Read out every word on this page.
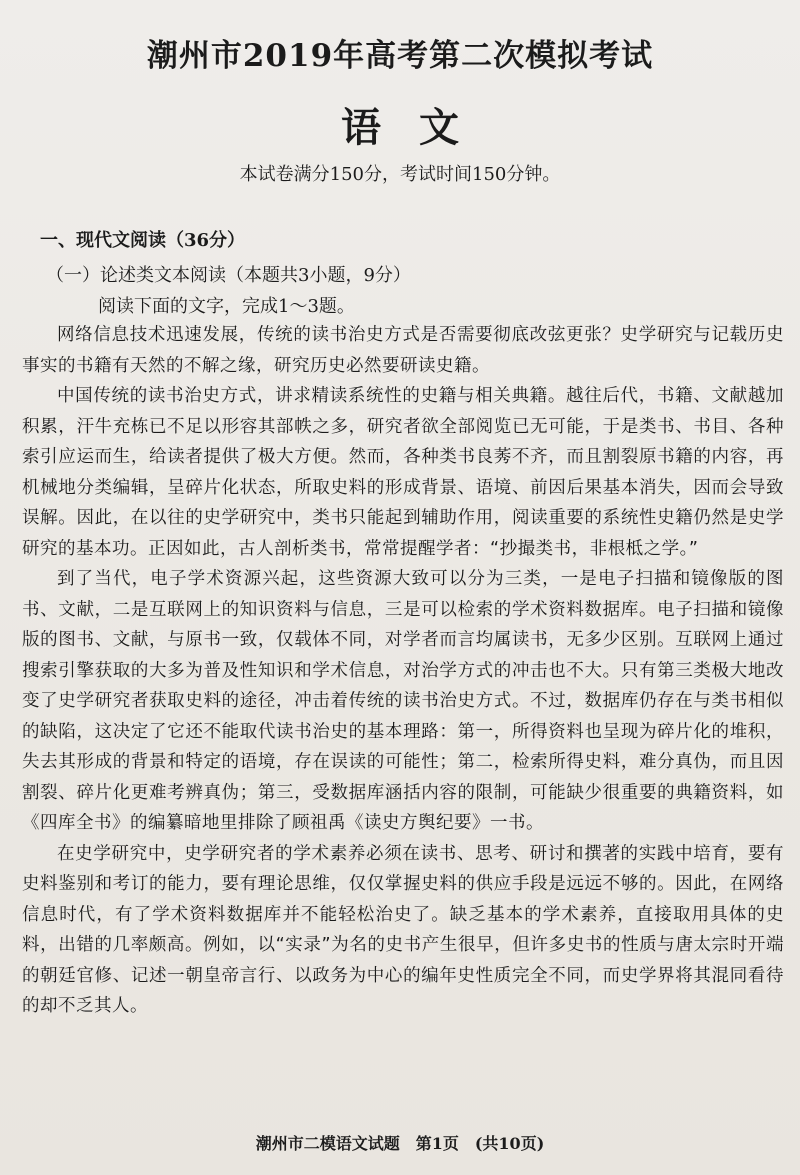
潮州市2019年高考第二次模拟考试
语文
本试卷满分150分，考试时间150分钟。
一、现代文阅读（36分）
（一）论述类文本阅读（本题共3小题，9分）
阅读下面的文字，完成1～3题。

网络信息技术迅速发展，传统的读书治史方式是否需要彻底改弦更张？史学研究与记载历史事实的书籍有天然的不解之缘，研究历史必然要研读史籍。

中国传统的读书治史方式，讲求精读系统性的史籍与相关典籍。越往后代，书籍、文献越加积累，汗牛充栋已不足以形容其部帙之多，研究者欲全部阅览已无可能，于是类书、书目、各种索引应运而生，给读者提供了极大方便。然而，各种类书良莠不齐，而且割裂原书籍的内容，再机械地分类编辑，呈碎片化状态，所取史料的形成背景、语境、前因后果基本消失，因而会导致误解。因此，在以往的史学研究中，类书只能起到辅助作用，阅读重要的系统性史籍仍然是史学研究的基本功。正因如此，古人剖析类书，常常提醒学者：“抄撮类书，非根柢之学。”

到了当代，电子学术资源兴起，这些资源大致可以分为三类，一是电子扫描和镜像版的图书、文献，二是互联网上的知识资料与信息，三是可以检索的学术资料数据库。电子扫描和镜像版的图书、文献，与原书一致，仅载体不同，对学者而言均属读书，无多少区别。互联网上通过搜索引擎获取的大多为普及性知识和学术信息，对治学方式的冲击也不大。只有第三类极大地改变了史学研究者获取史料的途径，冲击着传统的读书治史方式。不过，数据库仍存在与类书相似的缺陷，这决定了它还不能取代读书治史的基本理路：第一，所得资料也呈现为碎片化的堆积，失去其形成的背景和特定的语境，存在误读的可能性；第二，检索所得史料，难分真伪，而且因割裂、碎片化更难考辨真伪；第三，受数据库涵括内容的限制，可能缺少很重要的典籍资料，如《四库全书》的编纂暗地里排除了顾祖禹《读史方舆纪要》一书。

在史学研究中，史学研究者的学术素养必须在读书、思考、研讨和撰著的实践中培育，要有史料鉴别和考订的能力，要有理论思维，仅仅掌握史料的供应手段是远远不够的。因此，在网络信息时代，有了学术资料数据库并不能轻松治史了。缺乏基本的学术素养，直接取用具体的史料，出错的几率颇高。例如，以“实录”为名的史书产生很早，但许多史书的性质与唐太宗时开端的朝廷官修、记述一朝皇帝言行、以政务为中心的编年史性质完全不同，而史学界将其混同看待的却不乏其人。

潮州市二模语文试题　第1页　(共10页)
